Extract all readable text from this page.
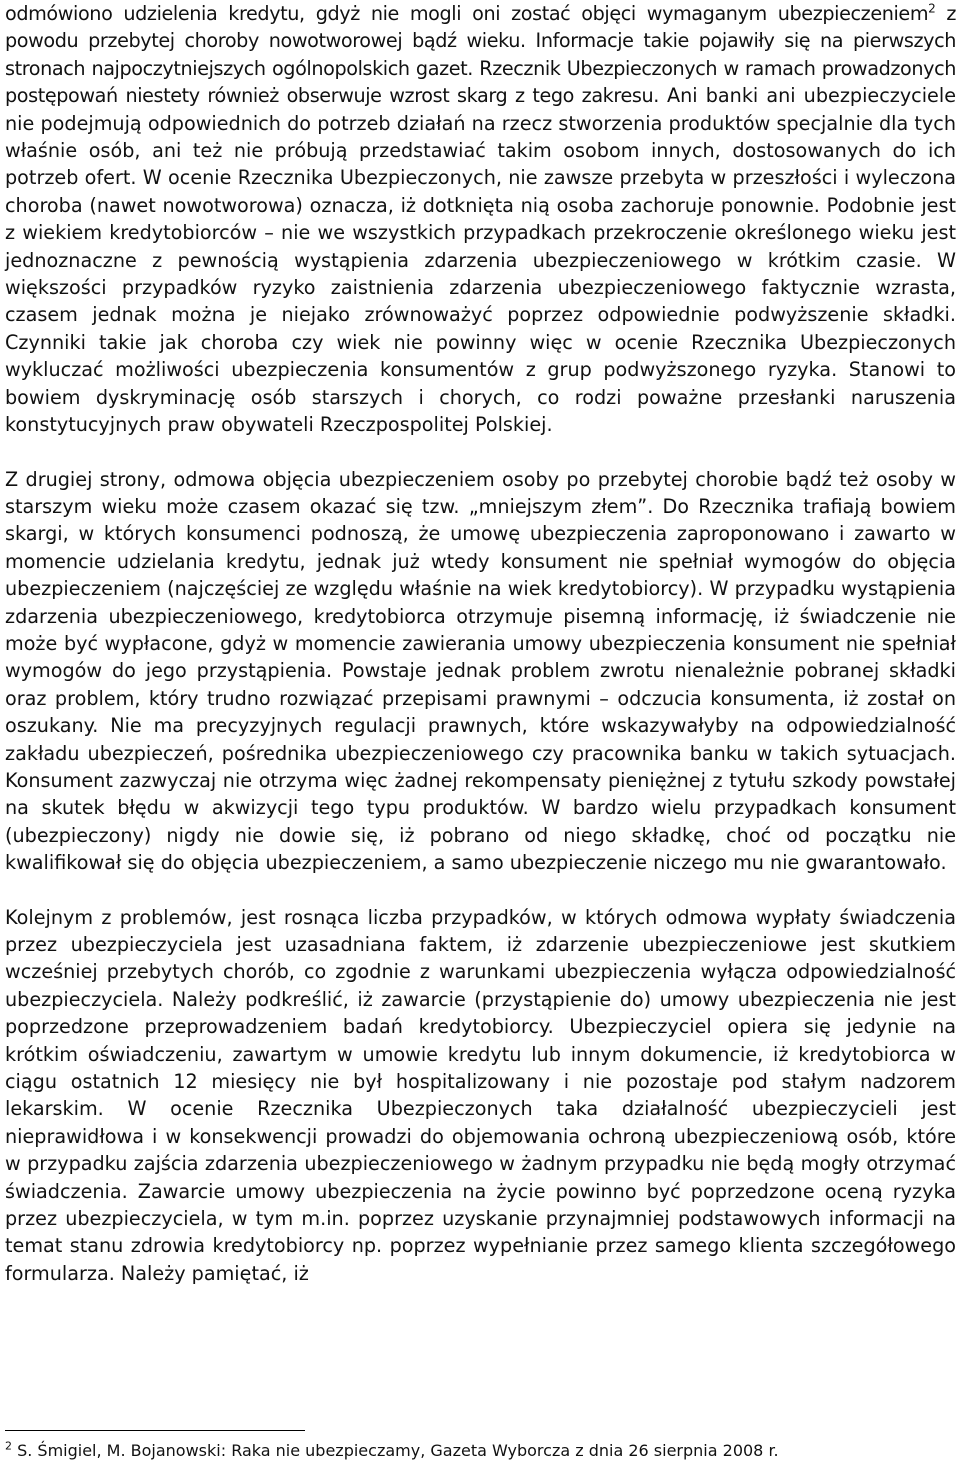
odmówiono udzielenia kredytu, gdyż nie mogli oni zostać objęci wymaganym ubezpieczeniem$^2$ z powodu przebytej choroby nowotworowej bądź wieku. Informacje takie pojawiły się na pierwszych stronach najpoczytniejszych ogólnopolskich gazet. Rzecznik Ubezpieczonych w ramach prowadzonych postępowań niestety również obserwuje wzrost skarg z tego zakresu. Ani banki ani ubezpieczyciele nie podejmują odpowiednich do potrzeb działań na rzecz stworzenia produktów specjalnie dla tych właśnie osób, ani też nie próbują przedstawiać takim osobom innych, dostosowanych do ich potrzeb ofert. W ocenie Rzecznika Ubezpieczonych, nie zawsze przebyta w przeszłości i wyleczona choroba (nawet nowotworowa) oznacza, iż dotknięta nią osoba zachoruje ponownie. Podobnie jest z wiekiem kredytobiorców – nie we wszystkich przypadkach przekroczenie określonego wieku jest jednoznaczne z pewnością wystąpienia zdarzenia ubezpieczeniowego w krótkim czasie. W większości przypadków ryzyko zaistnienia zdarzenia ubezpieczeniowego faktycznie wzrasta, czasem jednak można je niejako zrównoważyć poprzez odpowiednie podwyższenie składki. Czynniki takie jak choroba czy wiek nie powinny więc w ocenie Rzecznika Ubezpieczonych wykluczać możliwości ubezpieczenia konsumentów z grup podwyższonego ryzyka. Stanowi to bowiem dyskryminację osób starszych i chorych, co rodzi poważne przesłanki naruszenia konstytucyjnych praw obywateli Rzeczpospolitej Polskiej.

Z drugiej strony, odmowa objęcia ubezpieczeniem osoby po przebytej chorobie bądź też osoby w starszym wieku może czasem okazać się tzw. „mniejszym złem”. Do Rzecznika trafiają bowiem skargi, w których konsumenci podnoszą, że umowę ubezpieczenia zaproponowano i zawarto w momencie udzielania kredytu, jednak już wtedy konsument nie spełniał wymogów do objęcia ubezpieczeniem (najczęściej ze względu właśnie na wiek kredytobiorcy). W przypadku wystąpienia zdarzenia ubezpieczeniowego, kredytobiorca otrzymuje pisemną informację, iż świadczenie nie może być wypłacone, gdyż w momencie zawierania umowy ubezpieczenia konsument nie spełniał wymogów do jego przystąpienia. Powstaje jednak problem zwrotu nienależnie pobranej składki oraz problem, który trudno rozwiązać przepisami prawnymi – odczucia konsumenta, iż został on oszukany. Nie ma precyzyjnych regulacji prawnych, które wskazywałyby na odpowiedzialność zakładu ubezpieczeń, pośrednika ubezpieczeniowego czy pracownika banku w takich sytuacjach. Konsument zazwyczaj nie otrzyma więc żadnej rekompensaty pieniężnej z tytułu szkody powstałej na skutek błędu w akwizycji tego typu produktów. W bardzo wielu przypadkach konsument (ubezpieczony) nigdy nie dowie się, iż pobrano od niego składkę, choć od początku nie kwalifikował się do objęcia ubezpieczeniem, a samo ubezpieczenie niczego mu nie gwarantowało.

Kolejnym z problemów, jest rosnąca liczba przypadków, w których odmowa wypłaty świadczenia przez ubezpieczyciela jest uzasadniana faktem, iż zdarzenie ubezpieczeniowe jest skutkiem wcześniej przebytych chorób, co zgodnie z warunkami ubezpieczenia wyłącza odpowiedzialność ubezpieczyciela. Należy podkreślić, iż zawarcie (przystąpienie do) umowy ubezpieczenia nie jest poprzedzone przeprowadzeniem badań kredytobiorcy. Ubezpieczyciel opiera się jedynie na krótkim oświadczeniu, zawartym w umowie kredytu lub innym dokumencie, iż kredytobiorca w ciągu ostatnich 12 miesięcy nie był hospitalizowany i nie pozostaje pod stałym nadzorem lekarskim. W ocenie Rzecznika Ubezpieczonych taka działalność ubezpieczycieli jest nieprawidłowa i w konsekwencji prowadzi do objemowania ochroną ubezpieczeniową osób, które w przypadku zajścia zdarzenia ubezpieczeniowego w żadnym przypadku nie będą mogły otrzymać świadczenia. Zawarcie umowy ubezpieczenia na życie powinno być poprzedzone oceną ryzyka przez ubezpieczyciela, w tym m.in. poprzez uzyskanie przynajmniej podstawowych informacji na temat stanu zdrowia kredytobiorcy np. poprzez wypełnianie przez samego klienta szczegółowego formularza. Należy pamiętać, iż

$^2$ S. Śmigiel, M. Bojanowski: Raka nie ubezpieczamy, Gazeta Wyborcza z dnia 26 sierpnia 2008 r.
